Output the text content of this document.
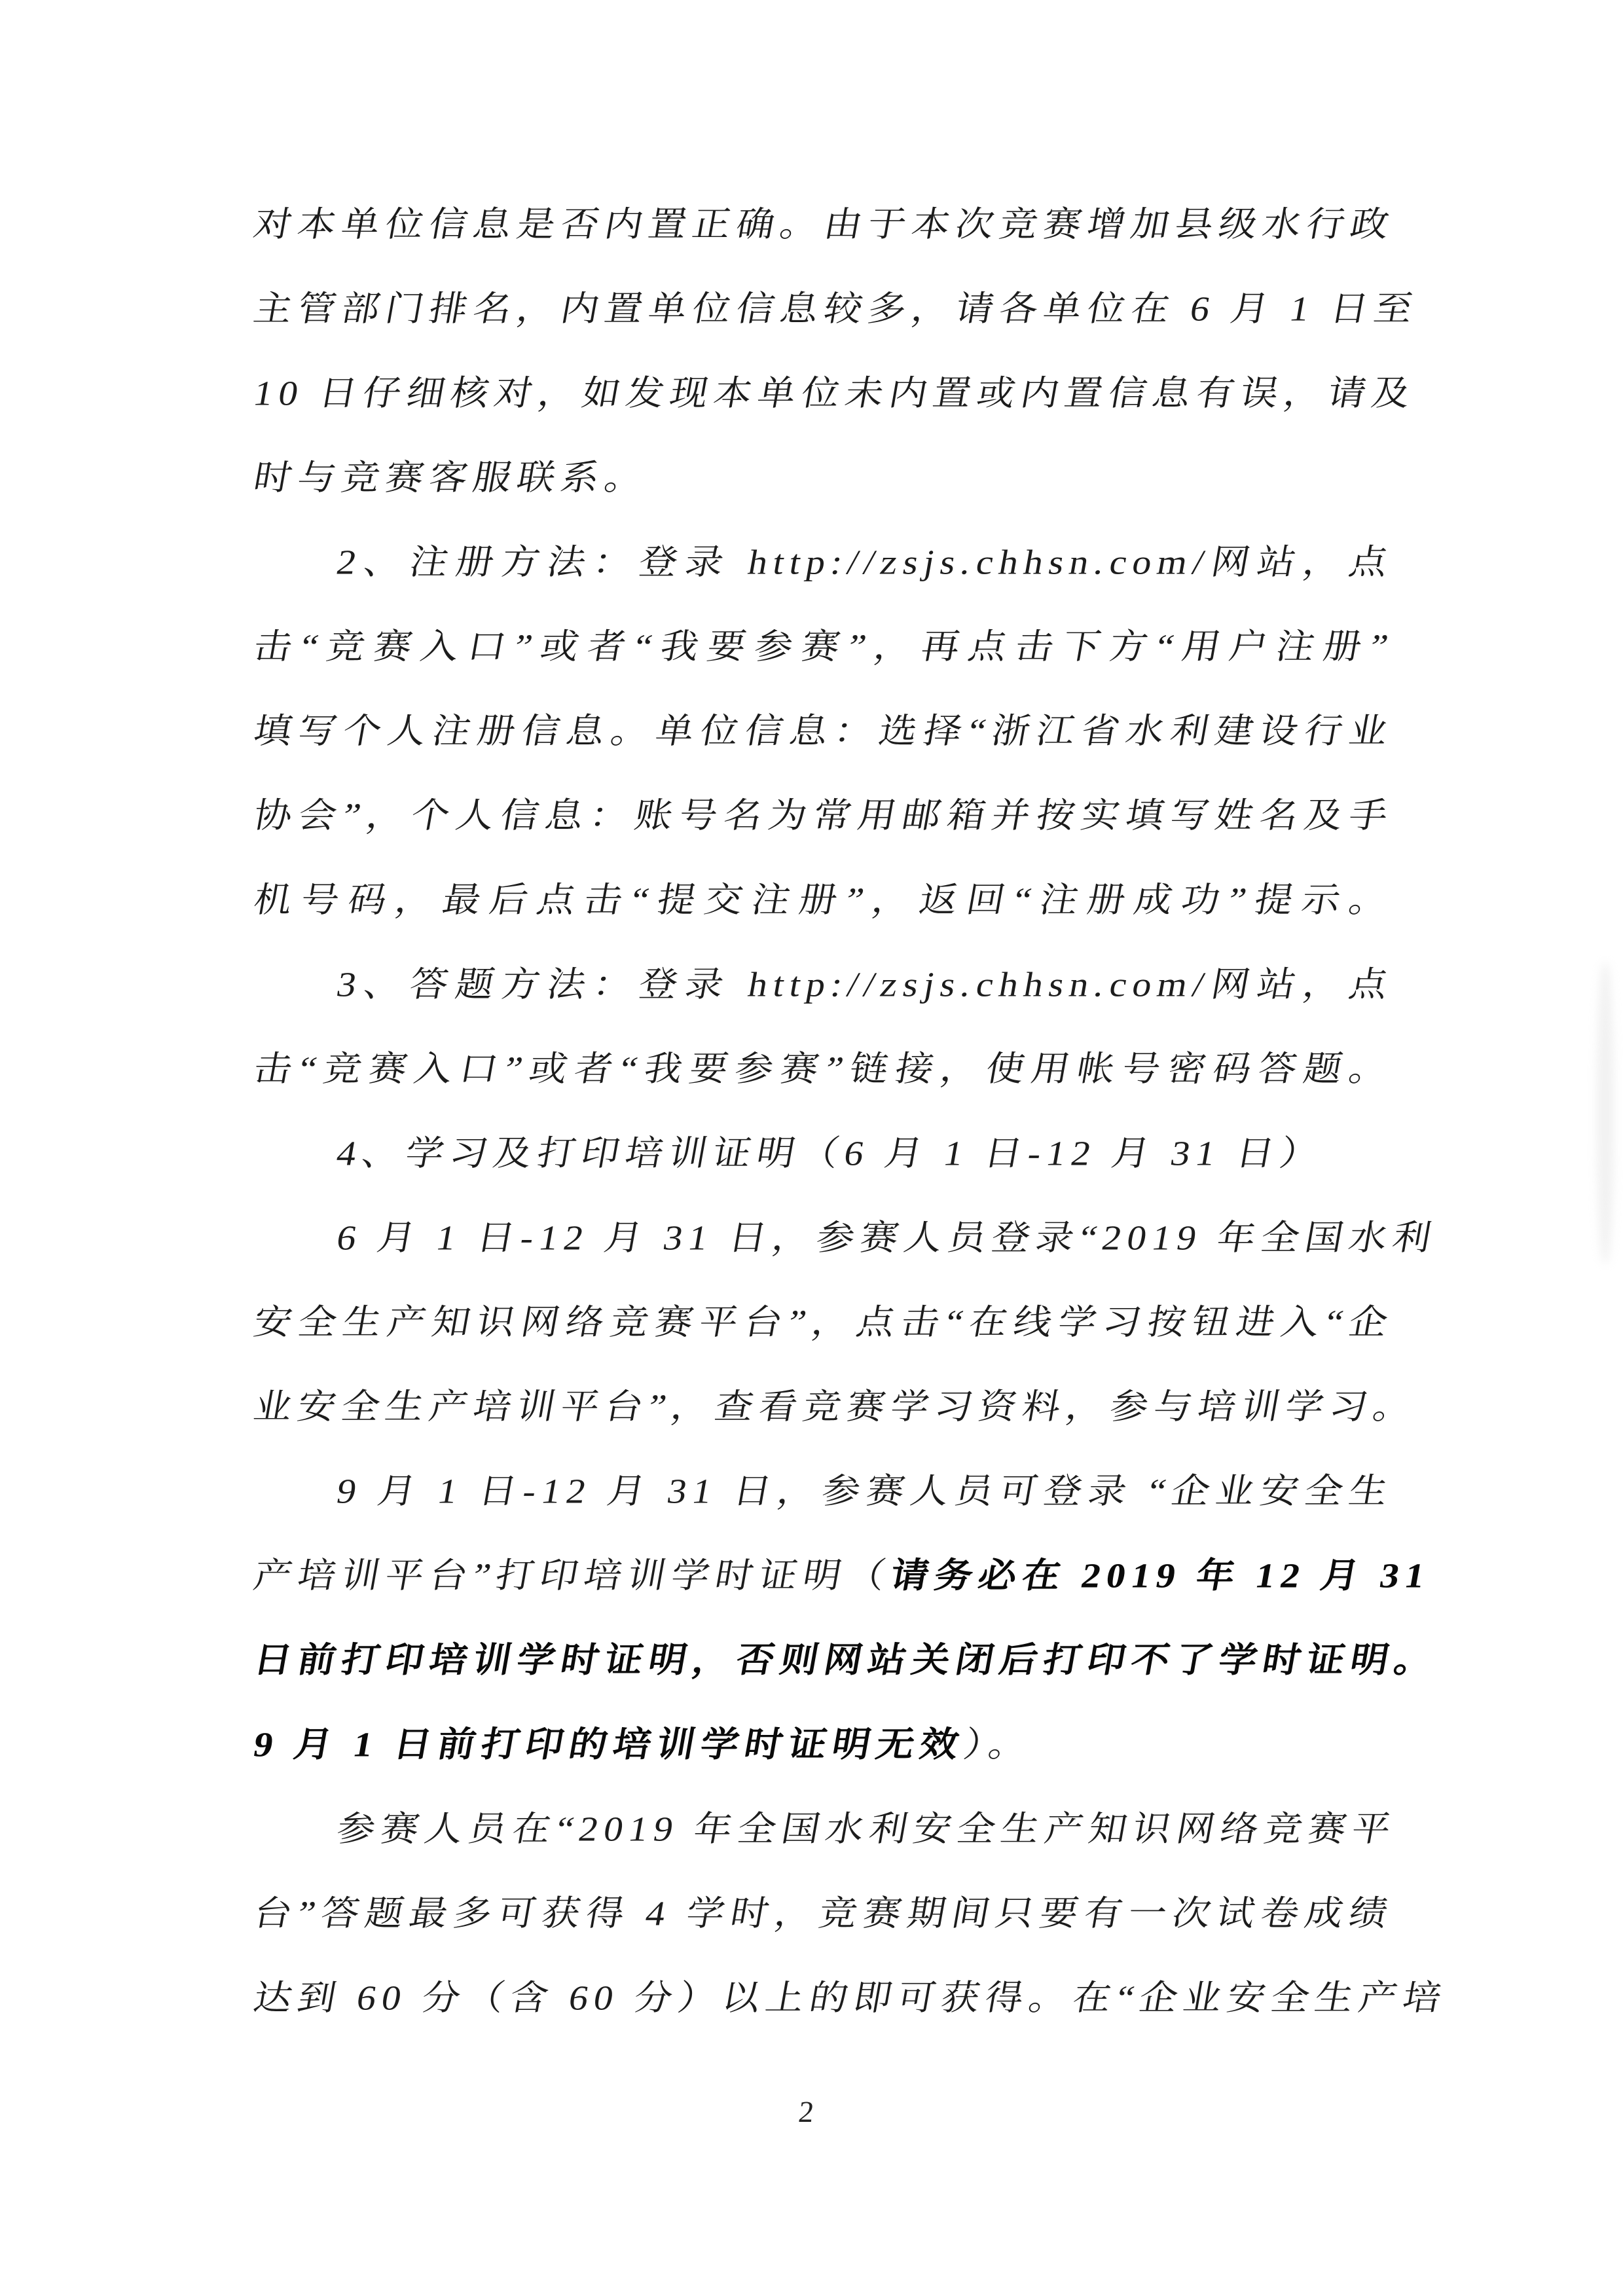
对本单位信息是否内置正确。由于本次竞赛增加县级水行政
主管部门排名，内置单位信息较多，请各单位在 6 月 1 日至
10 日仔细核对，如发现本单位未内置或内置信息有误，请及
时与竞赛客服联系。
2、注册方法：登录 http://zsjs.chhsn.com/网站，点
击“竞赛入口”或者“我要参赛”，再点击下方“用户注册”
填写个人注册信息。单位信息：选择“浙江省水利建设行业
协会”，个人信息：账号名为常用邮箱并按实填写姓名及手
机号码，最后点击“提交注册”，返回“注册成功”提示。
3、答题方法：登录 http://zsjs.chhsn.com/网站，点
击“竞赛入口”或者“我要参赛”链接，使用帐号密码答题。
4、学习及打印培训证明（6 月 1 日-12 月 31 日）
6 月 1 日-12 月 31 日，参赛人员登录“2019 年全国水利
安全生产知识网络竞赛平台”，点击“在线学习按钮进入“企
业安全生产培训平台”，查看竞赛学习资料，参与培训学习。
9 月 1 日-12 月 31 日，参赛人员可登录 “企业安全生
产培训平台”打印培训学时证明（请务必在 2019 年 12 月 31
日前打印培训学时证明，否则网站关闭后打印不了学时证明。
9 月 1 日前打印的培训学时证明无效）。
参赛人员在“2019 年全国水利安全生产知识网络竞赛平
台”答题最多可获得 4 学时，竞赛期间只要有一次试卷成绩
达到 60 分（含 60 分）以上的即可获得。在“企业安全生产培
2
